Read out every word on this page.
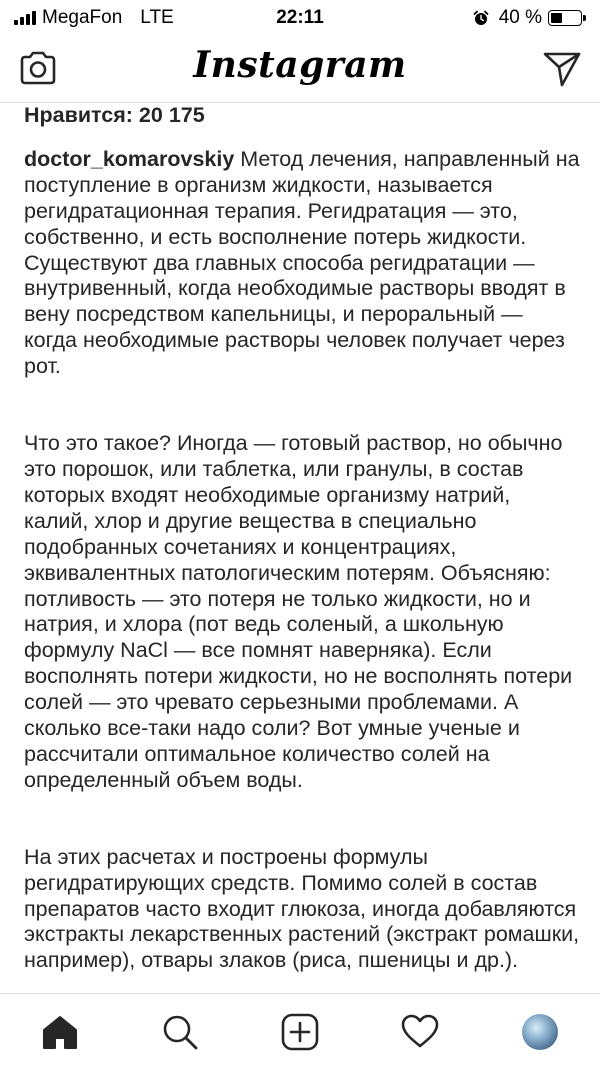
MegaFon LTE	22:11	40 %
Instagram
Нравится: 20 175

doctor_komarovskiy Метод лечения, направленный на поступление в организм жидкости, называется регидратационная терапия. Регидратация — это, собственно, и есть восполнение потерь жидкости. Существуют два главных способа регидратации — внутривенный, когда необходимые растворы вводят в вену посредством капельницы, и пероральный — когда необходимые растворы человек получает через рот.

Что это такое? Иногда — готовый раствор, но обычно это порошок, или таблетка, или гранулы, в состав которых входят необходимые организму натрий, калий, хлор и другие вещества в специально подобранных сочетаниях и концентрациях, эквивалентных патологическим потерям. Объясняю: потливость — это потеря не только жидкости, но и натрия, и хлора (пот ведь соленый, а школьную формулу NaCl — все помнят наверняка). Если восполнять потери жидкости, но не восполнять потери солей — это чревато серьезными проблемами. А сколько все-таки надо соли? Вот умные ученые и рассчитали оптимальное количество солей на определенный объем воды.

На этих расчетах и построены формулы регидратирующих средств. Помимо солей в состав препаратов часто входит глюкоза, иногда добавляются экстракты лекарственных растений (экстракт ромашки, например), отвары злаков (риса, пшеницы и др.).
